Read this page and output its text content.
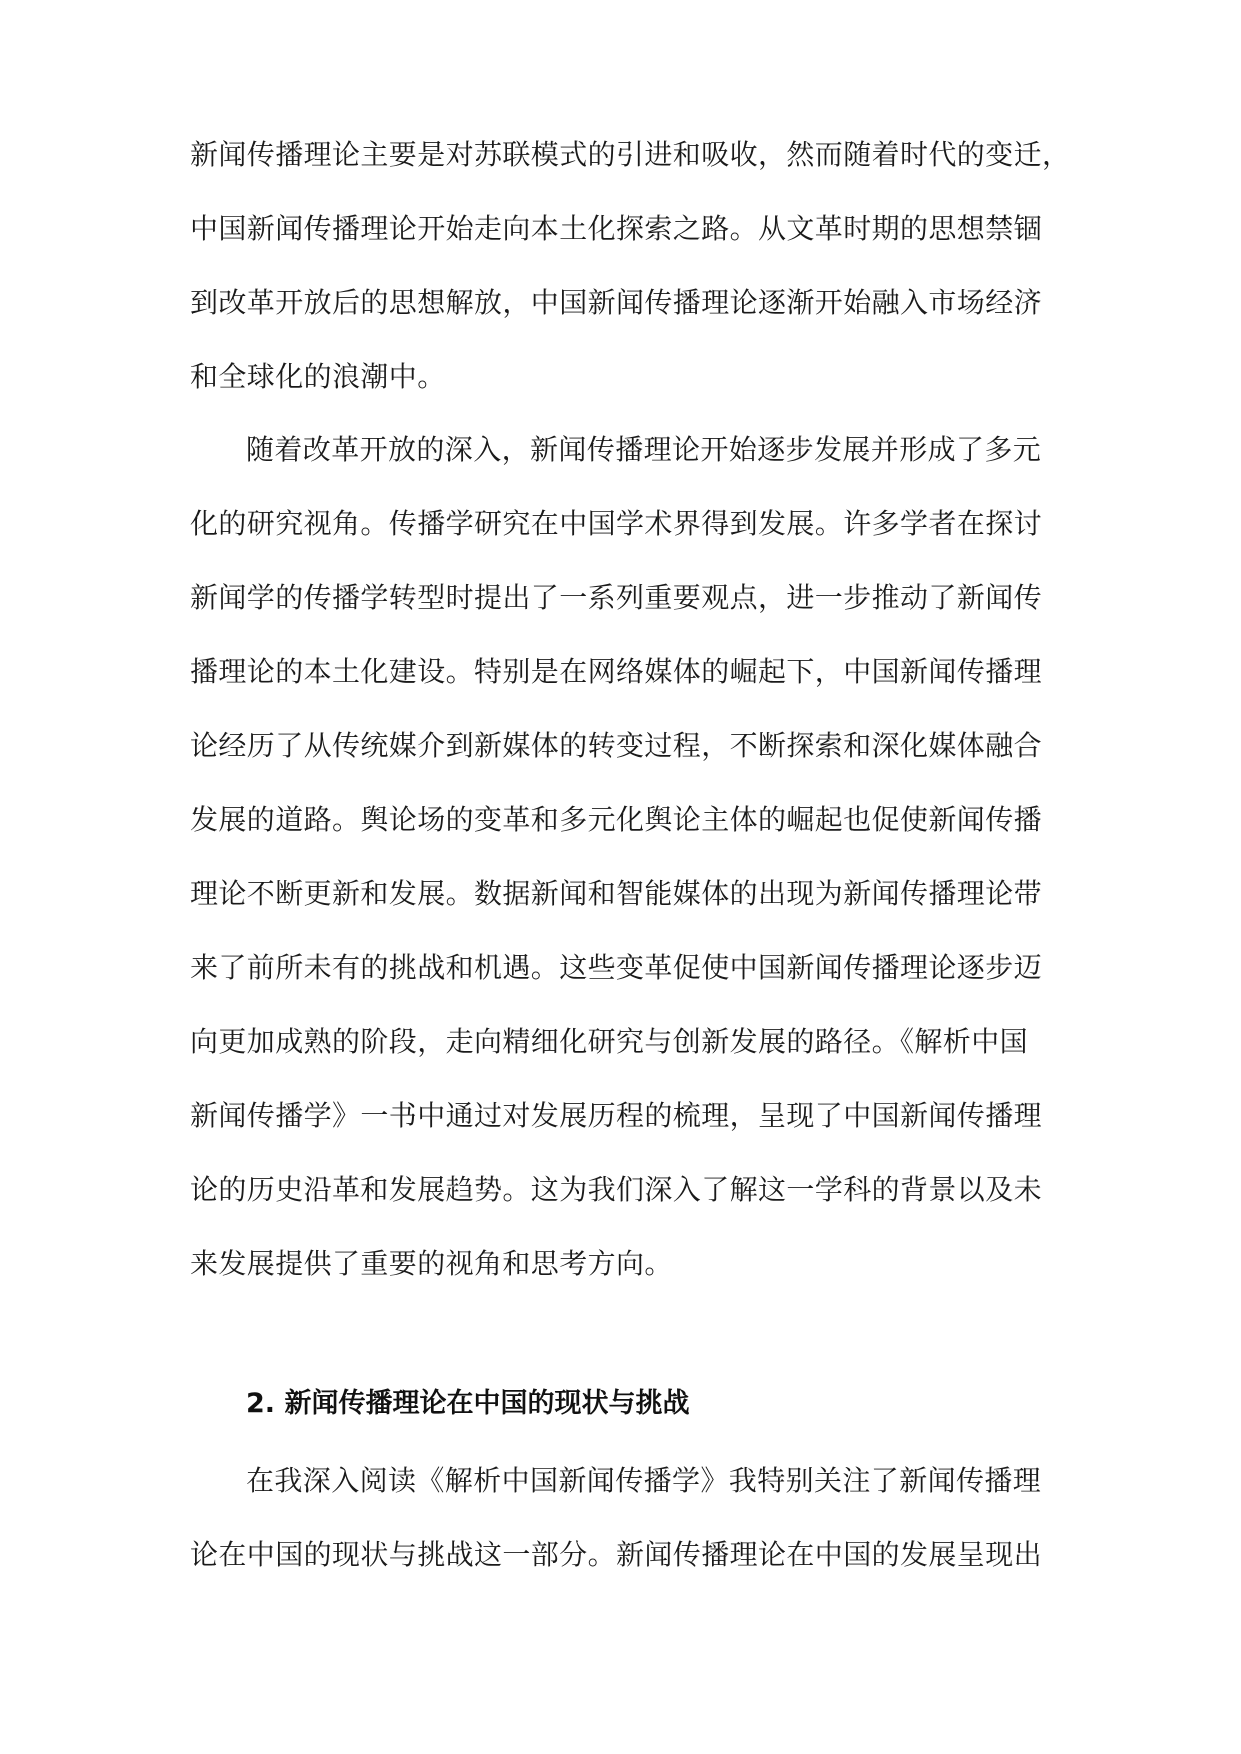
新闻传播理论主要是对苏联模式的引进和吸收，然而随着时代的变迁，
中国新闻传播理论开始走向本土化探索之路。从文革时期的思想禁锢
到改革开放后的思想解放，中国新闻传播理论逐渐开始融入市场经济
和全球化的浪潮中。
随着改革开放的深入，新闻传播理论开始逐步发展并形成了多元
化的研究视角。传播学研究在中国学术界得到发展。许多学者在探讨
新闻学的传播学转型时提出了一系列重要观点，进一步推动了新闻传
播理论的本土化建设。特别是在网络媒体的崛起下，中国新闻传播理
论经历了从传统媒介到新媒体的转变过程，不断探索和深化媒体融合
发展的道路。舆论场的变革和多元化舆论主体的崛起也促使新闻传播
理论不断更新和发展。数据新闻和智能媒体的出现为新闻传播理论带
来了前所未有的挑战和机遇。这些变革促使中国新闻传播理论逐步迈
向更加成熟的阶段，走向精细化研究与创新发展的路径。《解析中国
新闻传播学》一书中通过对发展历程的梳理，呈现了中国新闻传播理
论的历史沿革和发展趋势。这为我们深入了解这一学科的背景以及未
来发展提供了重要的视角和思考方向。
2. 新闻传播理论在中国的现状与挑战
在我深入阅读《解析中国新闻传播学》我特别关注了新闻传播理
论在中国的现状与挑战这一部分。新闻传播理论在中国的发展呈现出
